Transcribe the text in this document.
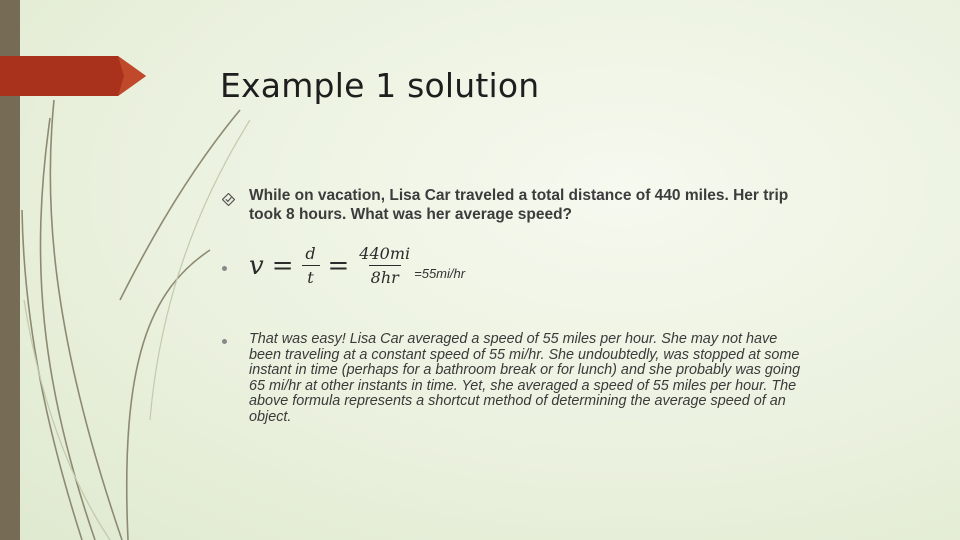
Example 1 solution
While on vacation, Lisa Car traveled a total distance of 440 miles. Her trip took 8 hours. What was her average speed?
$v = \frac{d}{t} = \frac{440mi}{8hr} =55mi/hr$
That was easy! Lisa Car averaged a speed of 55 miles per hour. She may not have been traveling at a constant speed of 55 mi/hr. She undoubtedly, was stopped at some instant in time (perhaps for a bathroom break or for lunch) and she probably was going 65 mi/hr at other instants in time. Yet, she averaged a speed of 55 miles per hour. The above formula represents a shortcut method of determining the average speed of an object.
